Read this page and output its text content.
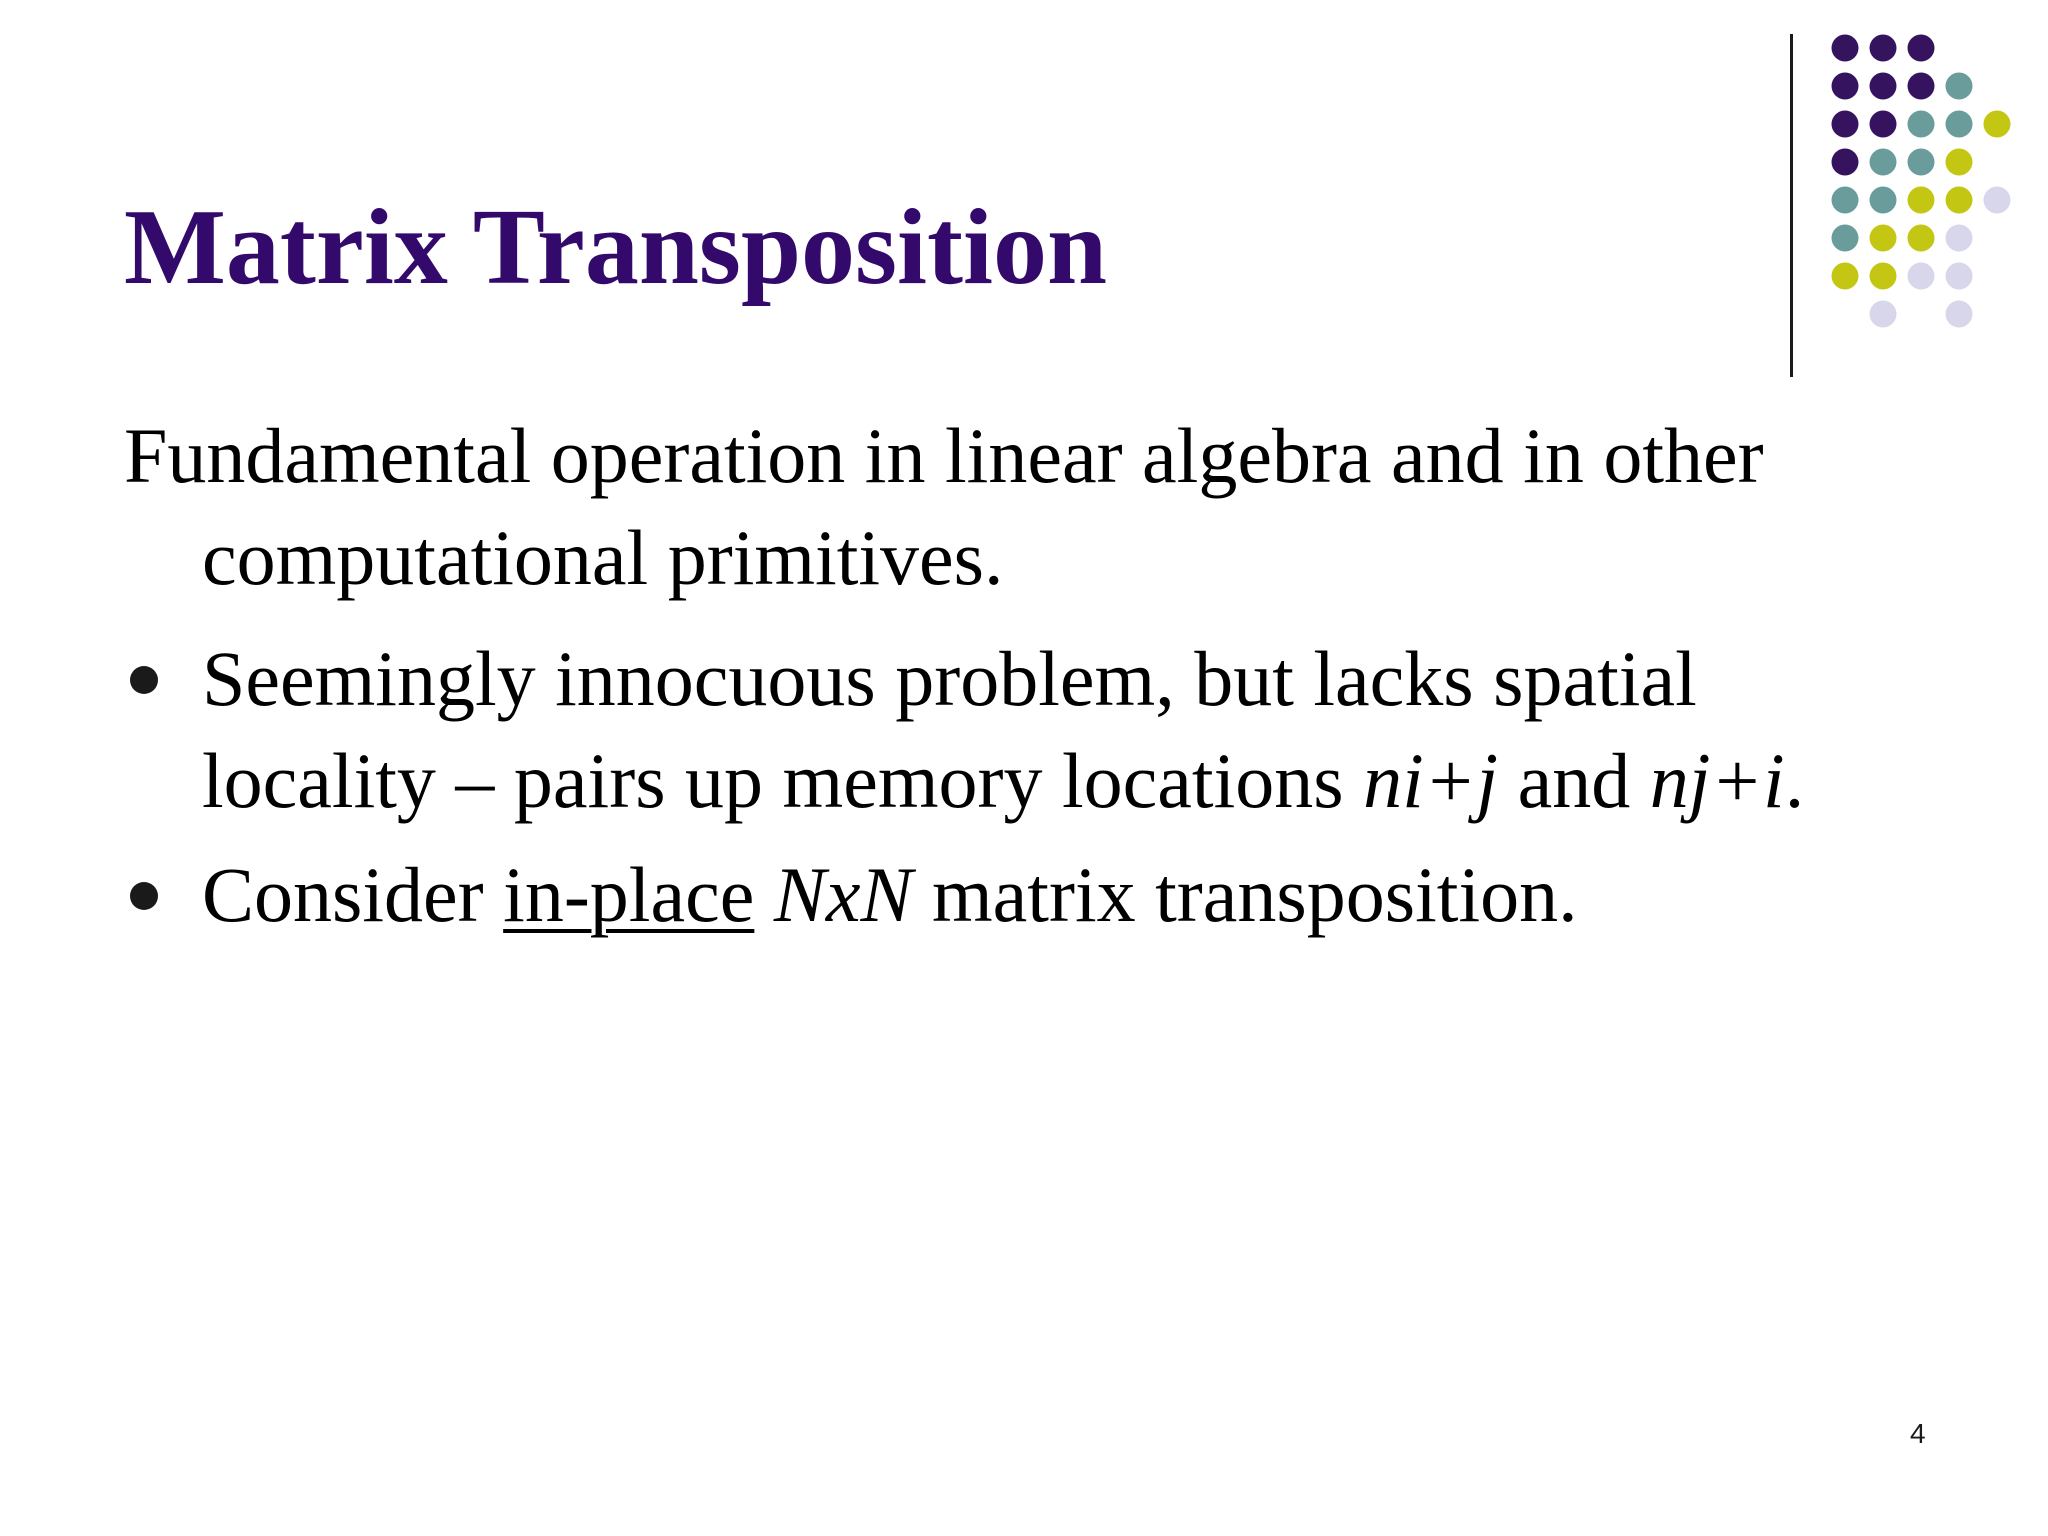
Matrix Transposition
Fundamental operation in linear algebra and in other
computational primitives.
Seemingly innocuous problem, but lacks spatial locality – pairs up memory locations ni+j and nj+i.
Consider in-place NxN matrix transposition.
4
